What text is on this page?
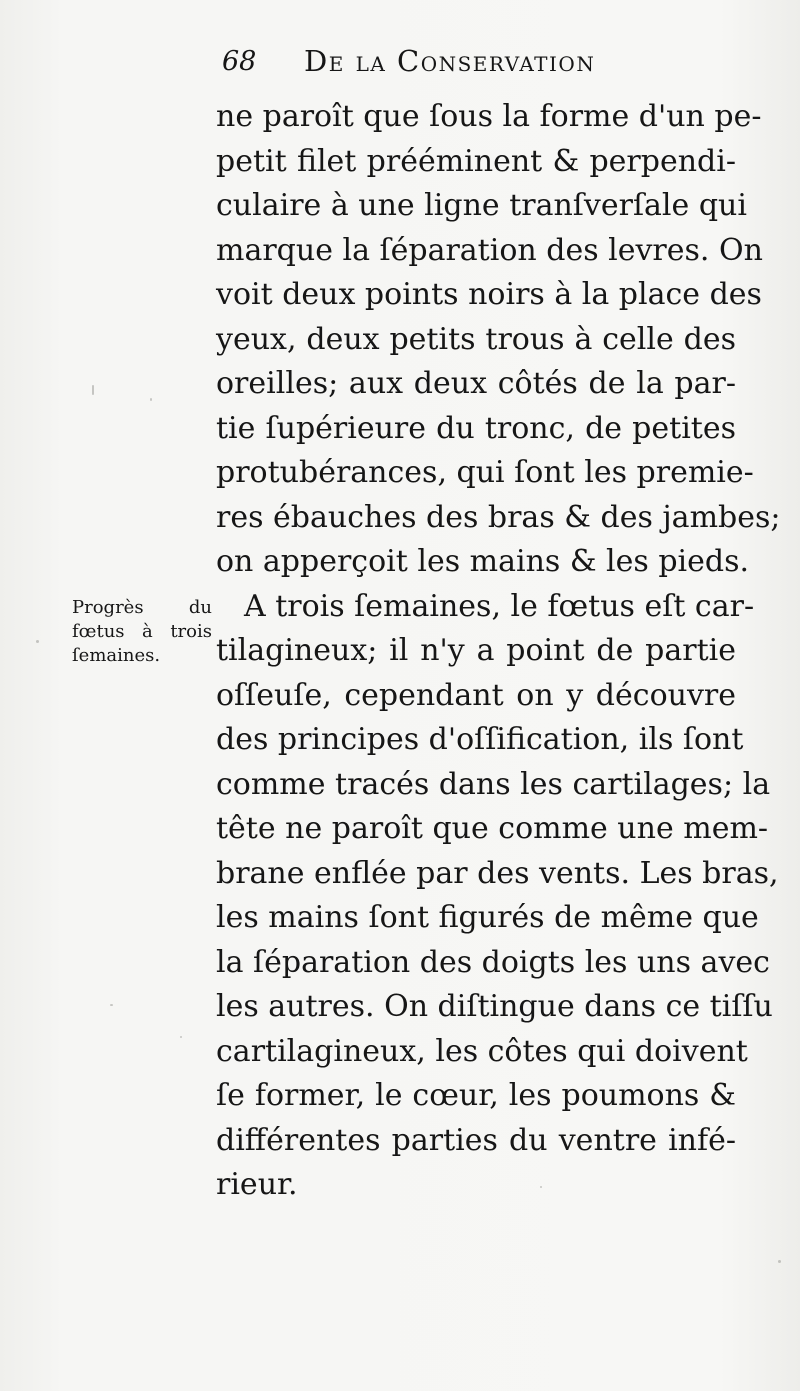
68 De la Conservation
Progrès du
fœtus à trois
ſemaines.
ne paroît que ſous la forme d'un pe-
petit filet prééminent & perpendi-
culaire à une ligne tranſverſale qui
marque la ſéparation des levres. On
voit deux points noirs à la place des
yeux, deux petits trous à celle des
oreilles; aux deux côtés de la par-
tie ſupérieure du tronc, de petites
protubérances, qui ſont les premie-
res ébauches des bras & des jambes;
on apperçoit les mains & les pieds.
A trois ſemaines, le fœtus eſt car-
tilagineux; il n'y a point de partie
oſſeuſe, cependant on y découvre
des principes d'oſſification, ils ſont
comme tracés dans les cartilages; la
tête ne paroît que comme une mem-
brane enflée par des vents. Les bras,
les mains ſont figurés de même que
la ſéparation des doigts les uns avec
les autres. On diſtingue dans ce tiſſu
cartilagineux, les côtes qui doivent
ſe former, le cœur, les poumons &
différentes parties du ventre infé-
rieur.
